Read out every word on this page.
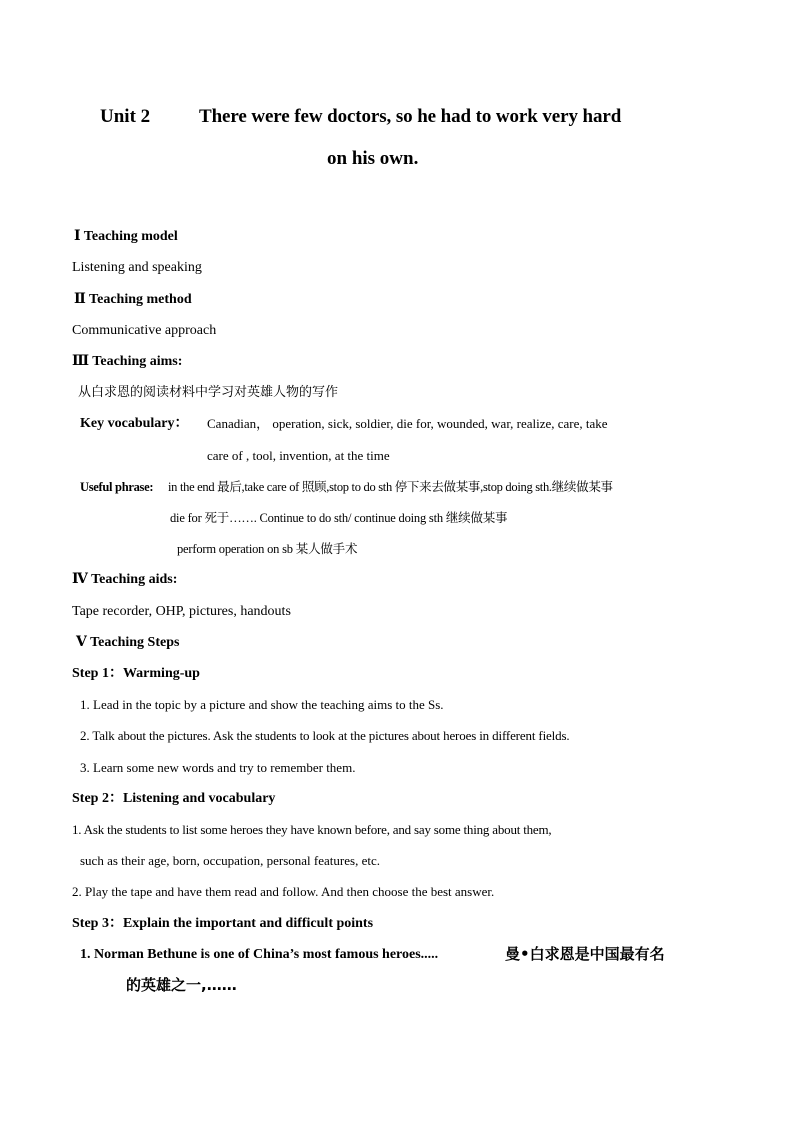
Unit 2	There were few doctors, so he had to work very hard
on his own.
Ⅰ Teaching model
Listening and speaking
Ⅱ Teaching method
Communicative approach
Ⅲ Teaching aims:
从白求恩的阅读材料中学习对英雄人物的写作
Key vocabulary： Canadian， operation, sick, soldier, die for, wounded, war, realize, care, take
care of , tool, invention, at the time
Useful phrase: in the end 最后,take care of 照顾,stop to do sth 停下来去做某事,stop doing sth.继续做某事
die for 死于……. Continue to do sth/ continue doing sth 继续做某事
perform operation on sb 某人做手术
Ⅳ Teaching aids:
Tape recorder, OHP, pictures, handouts
Ⅴ Teaching Steps
Step 1：Warming-up
1. Lead in the topic by a picture and show the teaching aims to the Ss.
2. Talk about the pictures. Ask the students to look at the pictures about heroes in different fields.
3. Learn some new words and try to remember them.
Step 2：Listening and vocabulary
1. Ask the students to list some heroes they have known before, and say some thing about them,
such as their age, born, occupation, personal features, etc.
2. Play the tape and have them read and follow. And then choose the best answer.
Step 3：Explain the important and difficult points
1. Norman Bethune is one of China’s most famous heroes.....	曼•白求恩是中国最有名
的英雄之一,……
